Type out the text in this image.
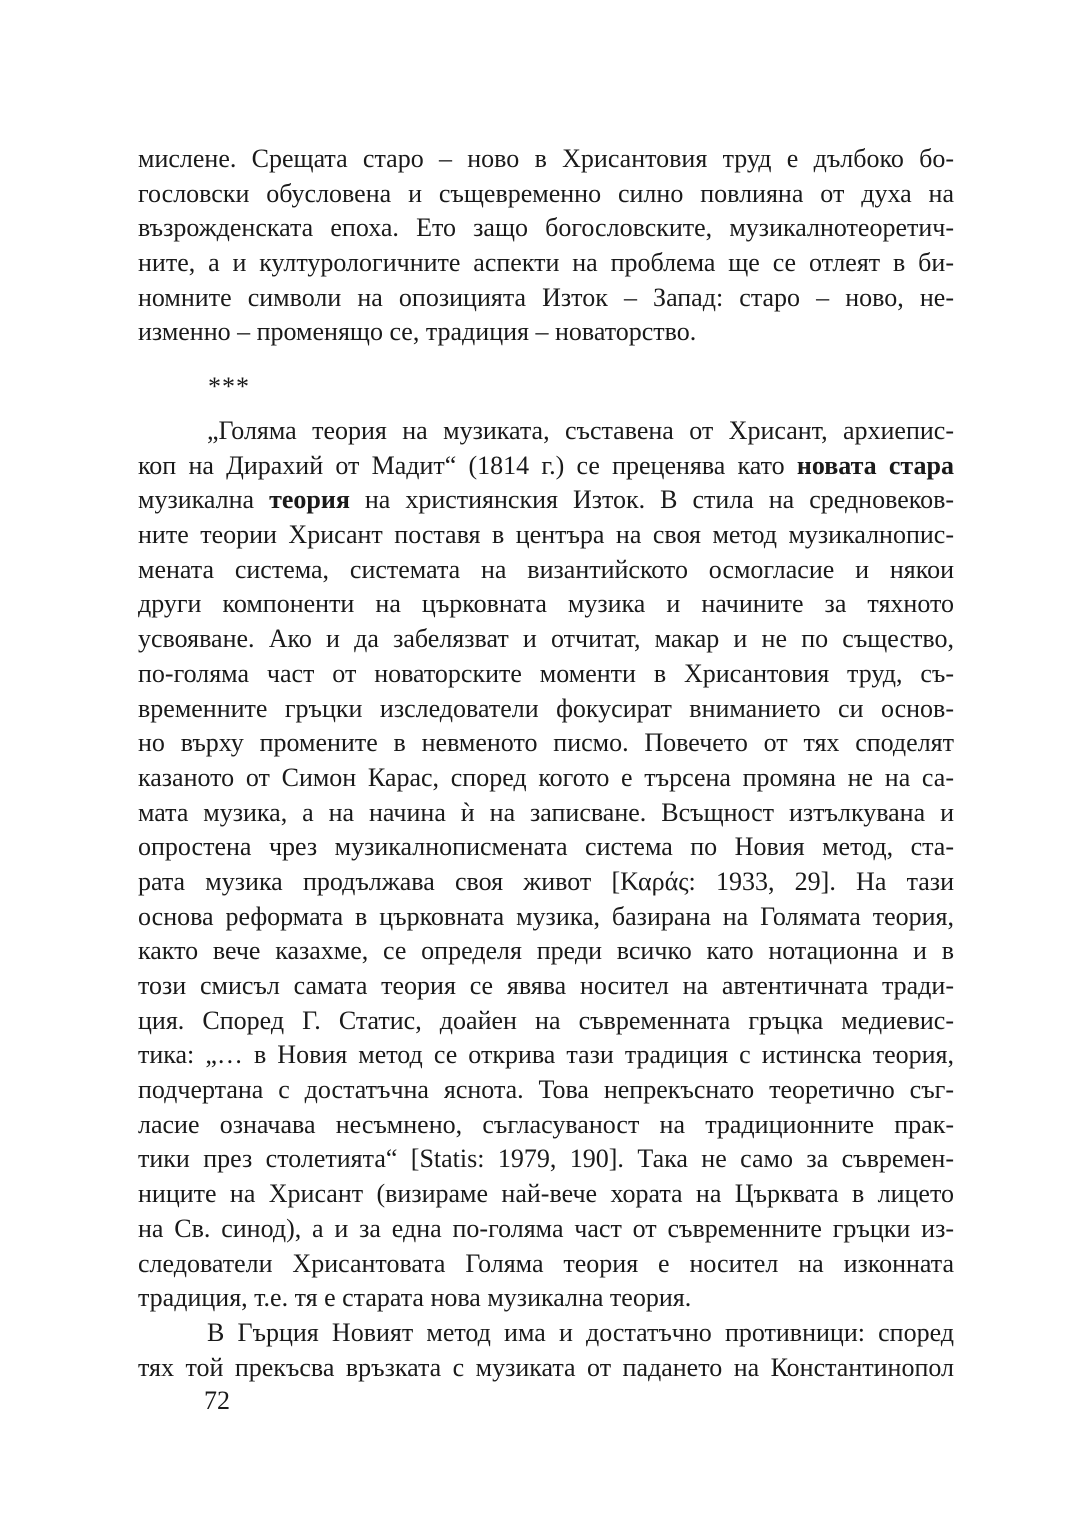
мислене. Срещата старо – ново в Хрисантовия труд е дълбоко бо-
гословски обусловена и същевременно силно повлияна от духа на
възрожденската епоха. Ето защо богословските, музикалнотеоретич-
ните, а и културологичните аспекти на проблема ще се отлеят в би-
номните символи на опозицията Изток – Запад: старо – ново, не-
изменно – променящо се, традиция – новаторство.
***
„Голяма теория на музиката, съставена от Хрисант, архиепис-
коп на Дирахий от Мадит“ (1814 г.) се преценява като новата стара
музикална теория на християнския Изток. В стила на средновеков-
ните теории Хрисант поставя в центъра на своя метод музикалнопис-
мената система, системата на византийското осмогласие и някои
други компоненти на църковната музика и начините за тяхното
усвояване. Ако и да забелязват и отчитат, макар и не по същество,
по-голяма част от новаторските моменти в Хрисантовия труд, съ-
временните гръцки изследователи фокусират вниманието си основ-
но върху промените в невменото писмо. Повечето от тях споделят
казаното от Симон Карас, според когото е търсена промяна не на са-
мата музика, а на начина ѝ на записване. Всъщност изтълкувана и
опростена чрез музикалнописмената система по Новия метод, ста-
рата музика продължава своя живот [Καράς: 1933, 29]. На тази
основа реформата в църковната музика, базирана на Голямата теория,
както вече казахме, се определя преди всичко като нотационна и в
този смисъл самата теория се явява носител на автентичната тради-
ция. Според Г. Статис, доайен на съвременната гръцка медиевис-
тика: „… в Новия метод се открива тази традиция с истинска теория,
подчертана с достатъчна яснота. Това непрекъснато теоретично съг-
ласие означава несъмнено, съгласуваност на традиционните прак-
тики през столетията“ [Statis: 1979, 190]. Така не само за съвремен-
ниците на Хрисант (визираме най-вече хората на Църквата в лицето
на Св. синод), а и за една по-голяма част от съвременните гръцки из-
следователи Хрисантовата Голяма теория е носител на изконната
традиция, т.е. тя е старата нова музикална теория.
В Гърция Новият метод има и достатъчно противници: според
тях той прекъсва връзката с музиката от падането на Константинопол
72
